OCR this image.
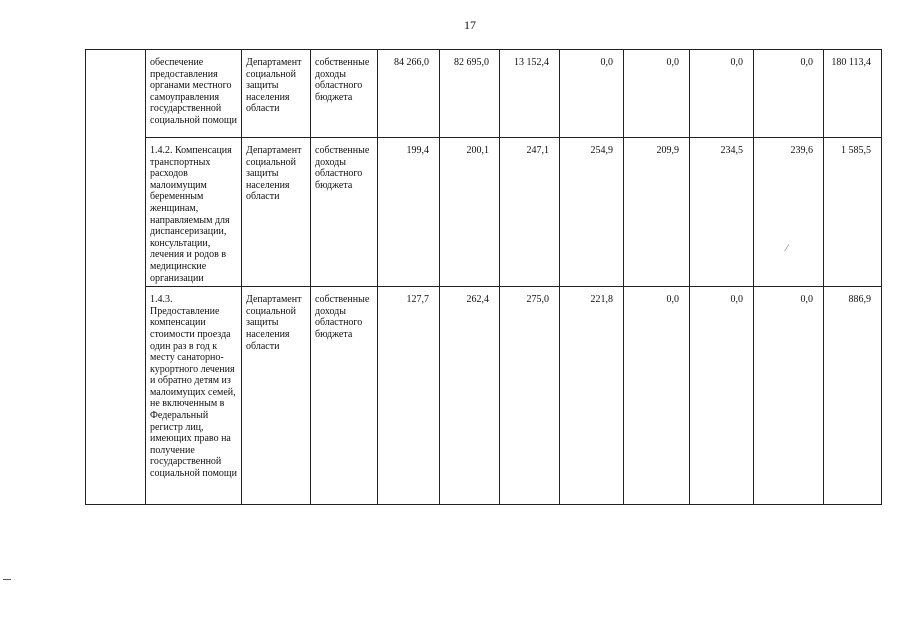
17
	обеспечение предоставления органами местного самоуправления государственной социальной помощи	Департамент социальной защиты населения области	собственные доходы областного бюджета	84 266,0	82 695,0	13 152,4	0,0	0,0	0,0	0,0	180 113,4
	1.4.2. Компенсация транспортных расходов малоимущим беременным женщинам, направляемым для диспансеризации, консультации, лечения и родов в медицинские организации	Департамент социальной защиты населения области	собственные доходы областного бюджета	199,4	200,1	247,1	254,9	209,9	234,5	239,6	1 585,5
	1.4.3. Предоставление компенсации стоимости проезда один раз в год к месту санаторно-курортного лечения и обратно детям из малоимущих семей, не включенным в Федеральный регистр лиц, имеющих право на получение государственной социальной помощи	Департамент социальной защиты населения области	собственные доходы областного бюджета	127,7	262,4	275,0	221,8	0,0	0,0	0,0	886,9
⁄
